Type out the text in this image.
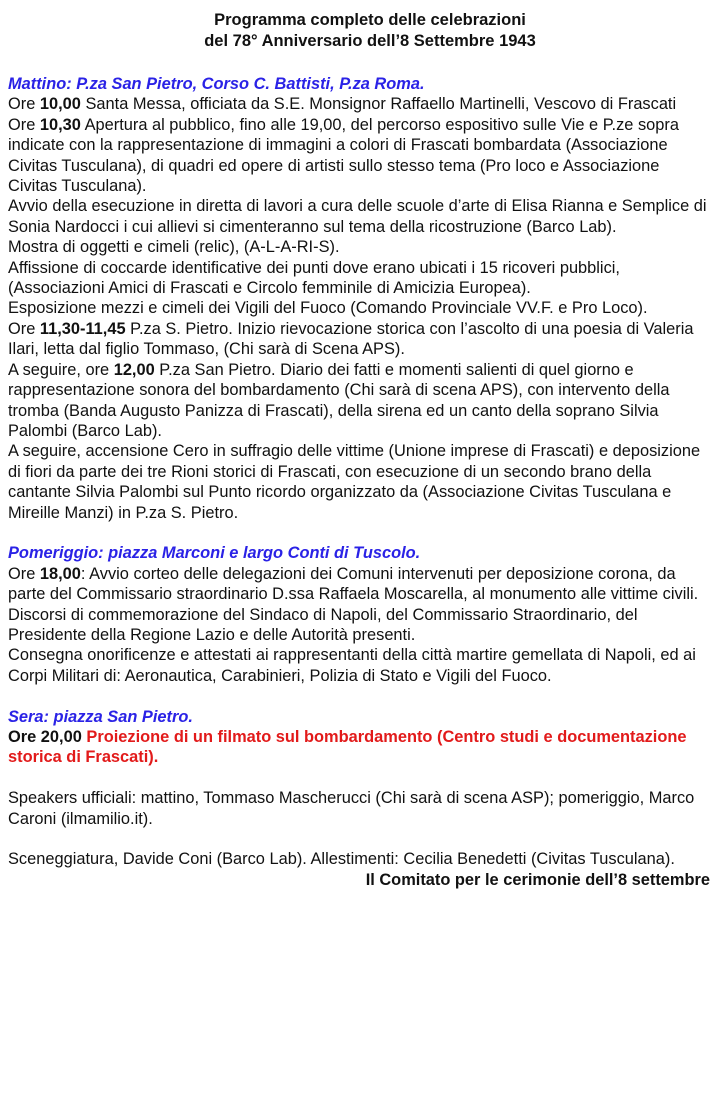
Programma completo delle celebrazioni
del 78° Anniversario dell’8 Settembre 1943

Mattino: P.za San Pietro, Corso C. Battisti, P.za Roma.

Ore 10,00 Santa Messa, officiata da S.E. Monsignor Raffaello Martinelli, Vescovo di Frascati

Ore 10,30 Apertura al pubblico, fino alle 19,00, del percorso espositivo sulle Vie e P.ze sopra indicate con la rappresentazione di immagini a colori di Frascati bombardata (Associazione Civitas Tusculana), di quadri ed opere di artisti sullo stesso tema (Pro loco e Associazione Civitas Tusculana).

Avvio della esecuzione in diretta di lavori a cura delle scuole d’arte di Elisa Rianna e Semplice di Sonia Nardocci i cui allievi si cimenteranno sul tema della ricostruzione (Barco Lab).

Mostra di oggetti e cimeli (relic), (A-L-A-RI-S).

Affissione di coccarde identificative dei punti dove erano ubicati i 15 ricoveri pubblici, (Associazioni Amici di Frascati e Circolo femminile di Amicizia Europea).

Esposizione mezzi e cimeli dei Vigili del Fuoco (Comando Provinciale VV.F. e Pro Loco).

Ore 11,30-11,45 P.za S. Pietro. Inizio rievocazione storica con l’ascolto di una poesia di Valeria Ilari, letta dal figlio Tommaso, (Chi sarà di Scena APS).

A seguire, ore 12,00 P.za San Pietro. Diario dei fatti e momenti salienti di quel giorno e rappresentazione sonora del bombardamento (Chi sarà di scena APS), con intervento della tromba (Banda Augusto Panizza di Frascati), della sirena ed un canto della soprano Silvia Palombi (Barco Lab).

A seguire, accensione Cero in suffragio delle vittime (Unione imprese di Frascati) e deposizione di fiori da parte dei tre Rioni storici di Frascati, con esecuzione di un secondo brano della cantante Silvia Palombi sul Punto ricordo organizzato da (Associazione Civitas Tusculana e Mireille Manzi) in P.za S. Pietro.

Pomeriggio: piazza Marconi e largo Conti di Tuscolo.

Ore 18,00: Avvio corteo delle delegazioni dei Comuni intervenuti per deposizione corona, da parte del Commissario straordinario D.ssa Raffaela Moscarella, al monumento alle vittime civili. Discorsi di commemorazione del Sindaco di Napoli, del Commissario Straordinario, del Presidente della Regione Lazio e delle Autorità presenti.

Consegna onorificenze e attestati ai rappresentanti della città martire gemellata di Napoli, ed ai Corpi Militari di: Aeronautica, Carabinieri, Polizia di Stato e Vigili del Fuoco.

Sera: piazza San Pietro.

Ore 20,00 Proiezione di un filmato sul bombardamento (Centro studi e documentazione storica di Frascati).

Speakers ufficiali: mattino, Tommaso Mascherucci (Chi sarà di scena ASP); pomeriggio, Marco Caroni (ilmamilio.it).

Sceneggiatura, Davide Coni (Barco Lab). Allestimenti: Cecilia Benedetti (Civitas Tusculana).

Il Comitato per le cerimonie dell’8 settembre
